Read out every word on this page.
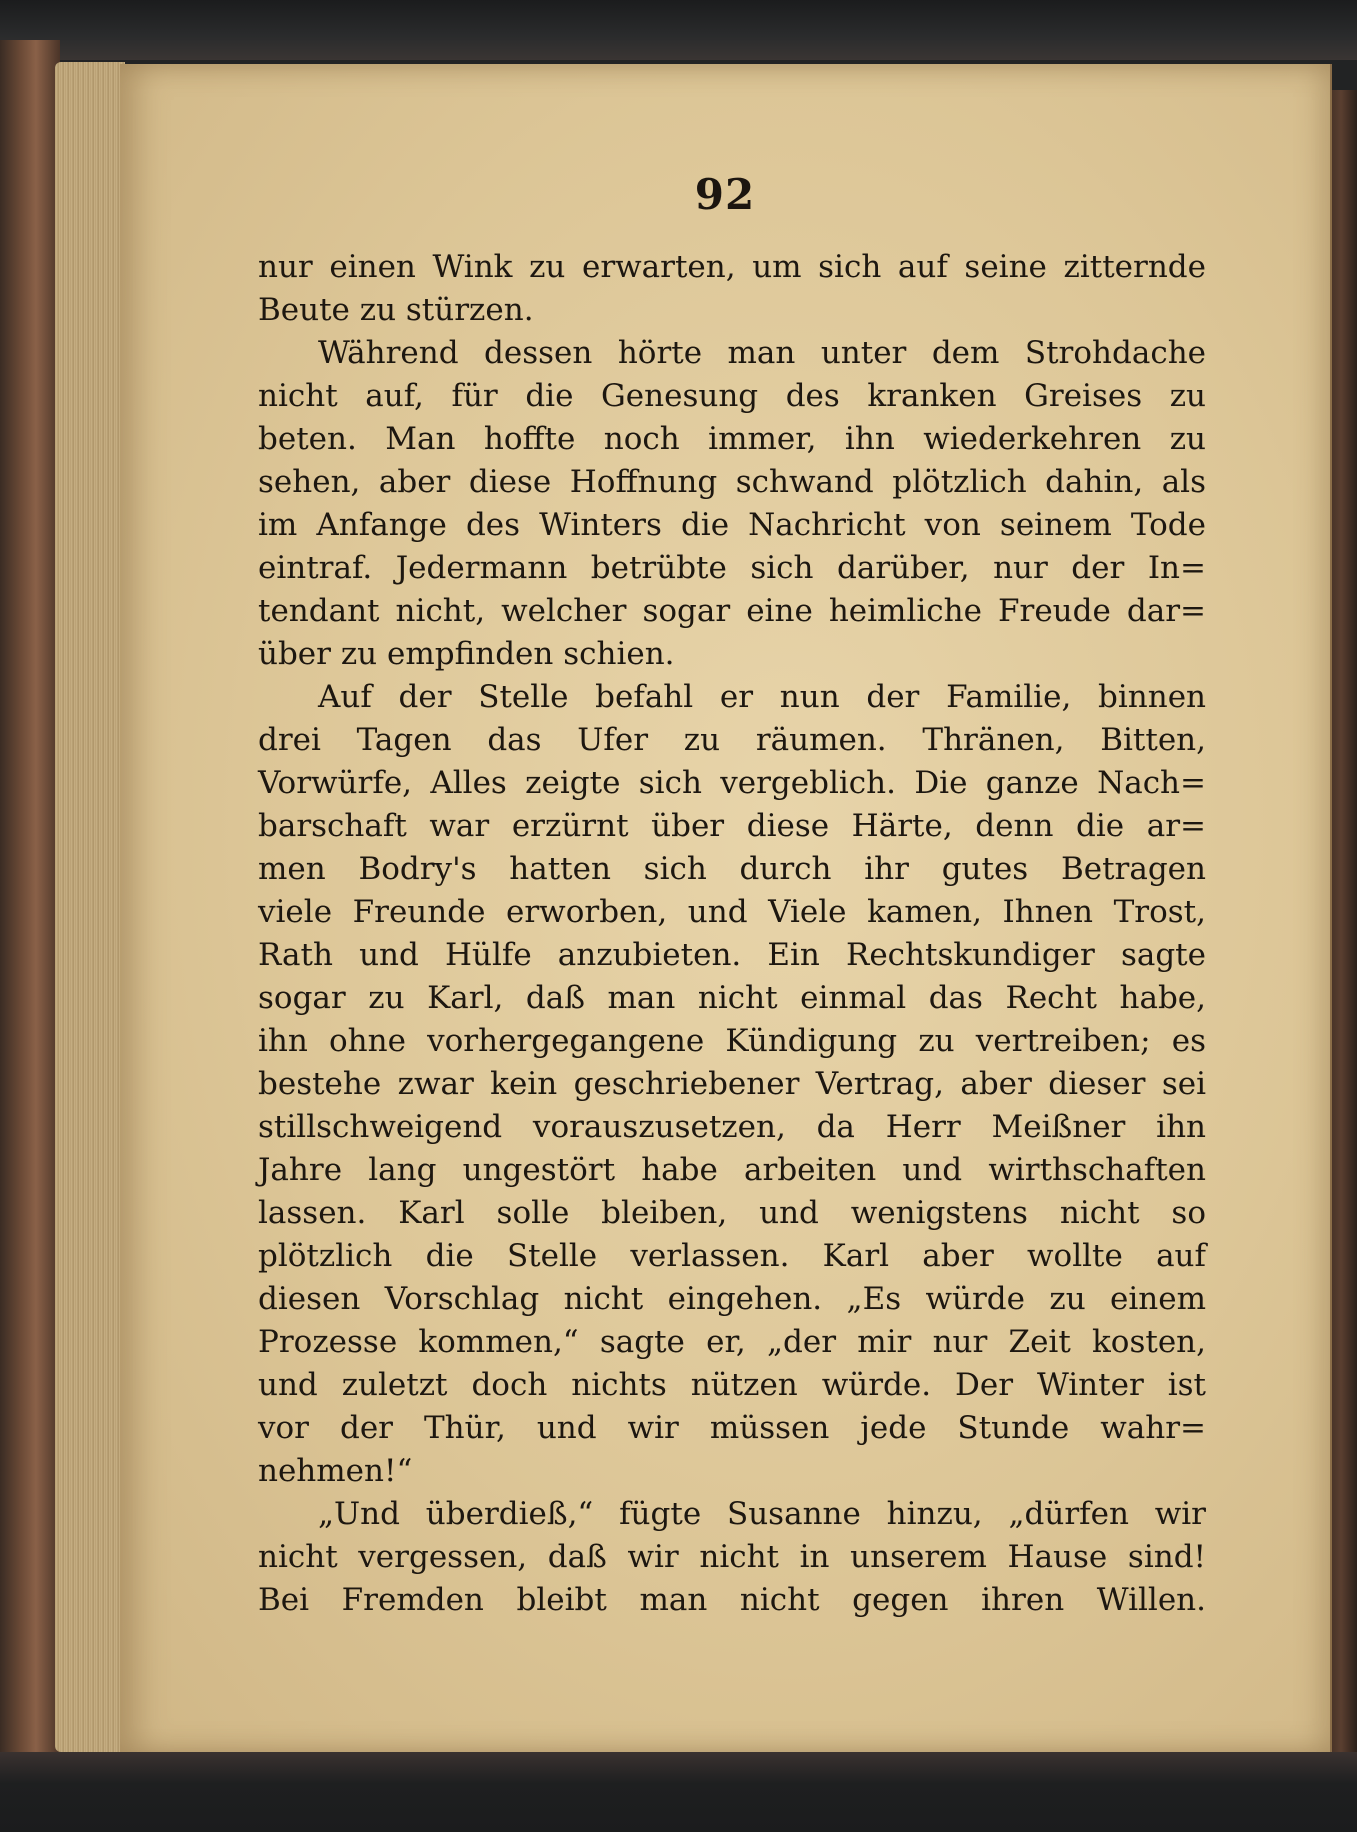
92
nur einen Wink zu erwarten, um sich auf seine zitternde
Beute zu stürzen.
Während dessen hörte man unter dem Strohdache
nicht auf, für die Genesung des kranken Greises zu
beten. Man hoffte noch immer, ihn wiederkehren zu
sehen, aber diese Hoffnung schwand plötzlich dahin, als
im Anfange des Winters die Nachricht von seinem Tode
eintraf. Jedermann betrübte sich darüber, nur der In=
tendant nicht, welcher sogar eine heimliche Freude dar=
über zu empfinden schien.
Auf der Stelle befahl er nun der Familie, binnen
drei Tagen das Ufer zu räumen. Thränen, Bitten,
Vorwürfe, Alles zeigte sich vergeblich. Die ganze Nach=
barschaft war erzürnt über diese Härte, denn die ar=
men Bodry's hatten sich durch ihr gutes Betragen
viele Freunde erworben, und Viele kamen, Ihnen Trost,
Rath und Hülfe anzubieten. Ein Rechtskundiger sagte
sogar zu Karl, daß man nicht einmal das Recht habe,
ihn ohne vorhergegangene Kündigung zu vertreiben; es
bestehe zwar kein geschriebener Vertrag, aber dieser sei
stillschweigend vorauszusetzen, da Herr Meißner ihn
Jahre lang ungestört habe arbeiten und wirthschaften
lassen. Karl solle bleiben, und wenigstens nicht so
plötzlich die Stelle verlassen. Karl aber wollte auf
diesen Vorschlag nicht eingehen. „Es würde zu einem
Prozesse kommen,“ sagte er, „der mir nur Zeit kosten,
und zuletzt doch nichts nützen würde. Der Winter ist
vor der Thür, und wir müssen jede Stunde wahr=
nehmen!“
„Und überdieß,“ fügte Susanne hinzu, „dürfen wir
nicht vergessen, daß wir nicht in unserem Hause sind!
Bei Fremden bleibt man nicht gegen ihren Willen.
